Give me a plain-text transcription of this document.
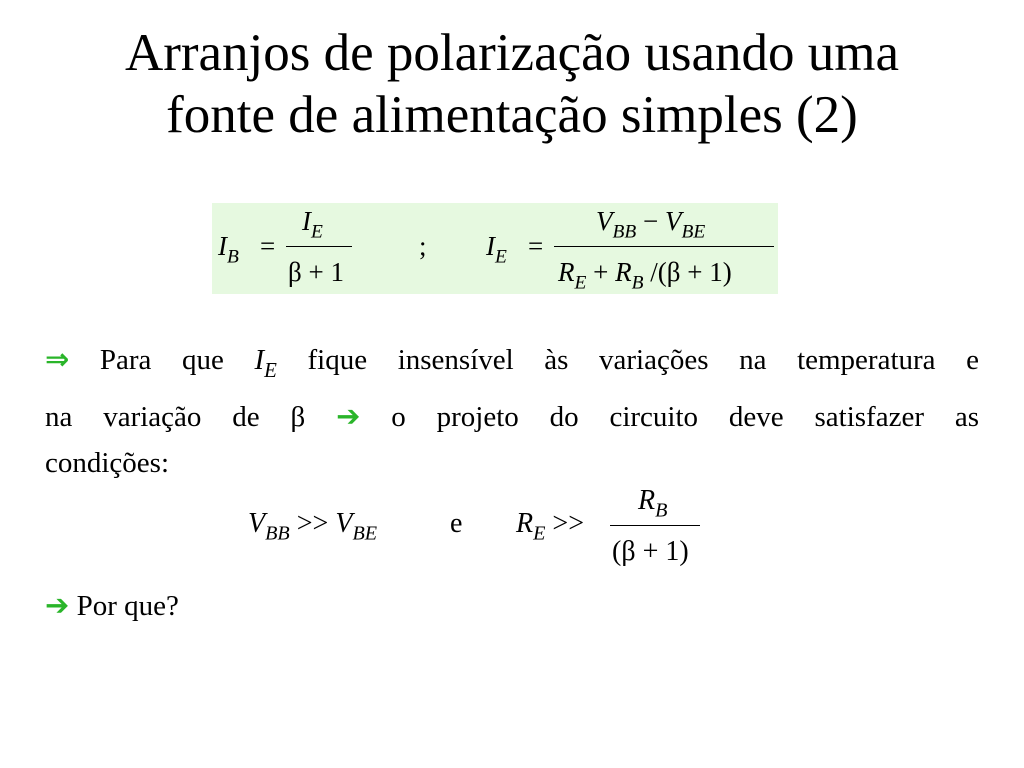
Arranjos de polarização usando uma
fonte de alimentação simples (2)
$I_B$ =
$I_E$
β + 1
; $I_E$ =
$V_{BB} - V_{BE}$
$R_E + R_B$ /(β + 1)
⇒ Para que $I_E$ fique insensível às variações na temperatura e
na variação de β ➔ o projeto do circuito deve satisfazer as
condições:
$V_{BB} >> V_{BE}$	e $R_E$ >>
$R_B$
(β + 1)
➔ Por que?
